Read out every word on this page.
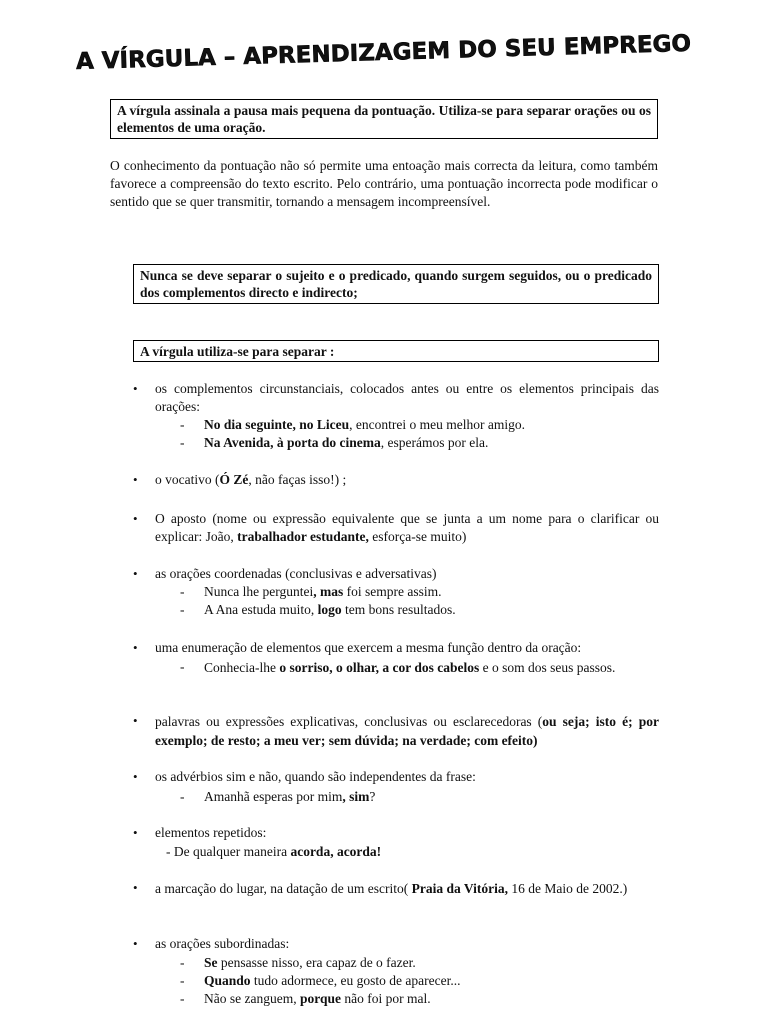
A VÍRGULA – APRENDIZAGEM DO SEU EMPREGO
A vírgula assinala a pausa mais pequena da pontuação. Utiliza-se para separar orações ou os elementos de uma oração.
O conhecimento da pontuação não só permite uma entoação mais correcta da leitura, como também favorece a compreensão do texto escrito. Pelo contrário, uma pontuação incorrecta pode modificar o sentido que se quer transmitir, tornando a mensagem incompreensível.
Nunca se deve separar o sujeito e o predicado, quando surgem seguidos, ou o predicado dos complementos directo e indirecto;
A vírgula utiliza-se para separar :
• os complementos circunstanciais, colocados antes ou entre os elementos principais das orações:
- No dia seguinte, no Liceu, encontrei o meu melhor amigo.
- Na Avenida, à porta do cinema, esperámos por ela.
• o vocativo (Ó Zé, não faças isso!) ;
• O aposto (nome ou expressão equivalente que se junta a um nome para o clarificar ou explicar: João, trabalhador estudante, esforça-se muito)
• as orações coordenadas (conclusivas e adversativas)
- Nunca lhe perguntei, mas foi sempre assim.
- A Ana estuda muito, logo tem bons resultados.
• uma enumeração de elementos que exercem a mesma função dentro da oração:
- Conhecia-lhe o sorriso, o olhar, a cor dos cabelos e o som dos seus passos.
• palavras ou expressões explicativas, conclusivas ou esclarecedoras (ou seja; isto é; por exemplo; de resto; a meu ver; sem dúvida; na verdade; com efeito)
• os advérbios sim e não, quando são independentes da frase:
- Amanhã esperas por mim, sim?
• elementos repetidos:
- De qualquer maneira acorda, acorda!
• a marcação do lugar, na datação de um escrito( Praia da Vitória, 16 de Maio de 2002.)
• as orações subordinadas:
- Se pensasse nisso, era capaz de o fazer.
- Quando tudo adormece, eu gosto de aparecer...
- Não se zanguem, porque não foi por mal.
